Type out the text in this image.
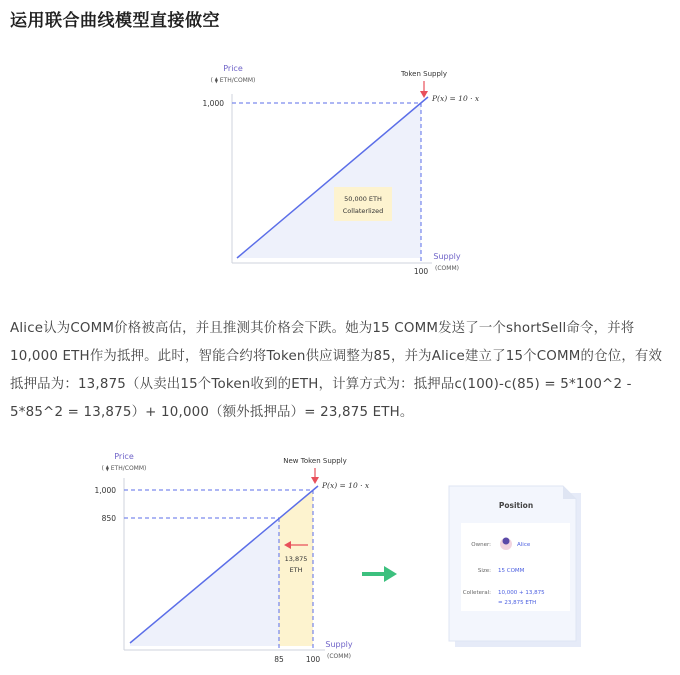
运用联合曲线模型直接做空
Price
( ⧫ ETH/COMM)
1,000
100
Supply
(COMM)
Token Supply
P(x) = 10 · x
50,000 ETH
Collaterlized

Alice认为COMM价格被高估，并且推测其价格会下跌。她为15 COMM发送了一个shortSell命令，并将10,000 ETH作为抵押。此时，智能合约将Token供应调整为85，并为Alice建立了15个COMM的仓位，有效抵押品为：13,875（从卖出15个Token收到的ETH，计算方式为：抵押品c(100)-c(85) = 5*100^2 - 5*85^2 = 13,875）+ 10,000（额外抵押品）= 23,875 ETH。

Price
( ⧫ ETH/COMM)
1,000
850
85	100
Supply
(COMM)
New Token Supply
P(x) = 10 · x
13,875
ETH
Position
Owner:	Alice
Size: 15 COMM
Colleteral: 10,000 + 13,875
= 23,875 ETH
